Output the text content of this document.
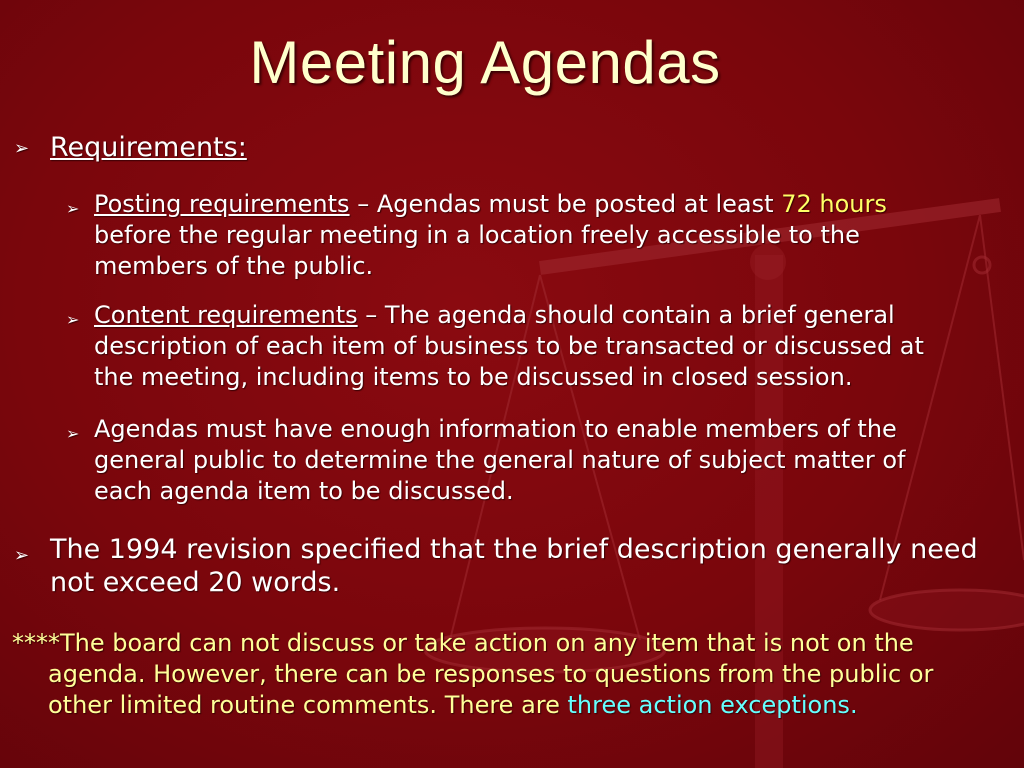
Meeting Agendas
➢ Requirements:
➢ Posting requirements – Agendas must be posted at least 72 hours
before the regular meeting in a location freely accessible to the
members of the public.
➢ Content requirements – The agenda should contain a brief general
description of each item of business to be transacted or discussed at
the meeting, including items to be discussed in closed session.
➢ Agendas must have enough information to enable members of the
general public to determine the general nature of subject matter of
each agenda item to be discussed.
➢ The 1994 revision specified that the brief description generally need
not exceed 20 words.
****The board can not discuss or take action on any item that is not on the
agenda. However, there can be responses to questions from the public or
other limited routine comments. There are three action exceptions.
